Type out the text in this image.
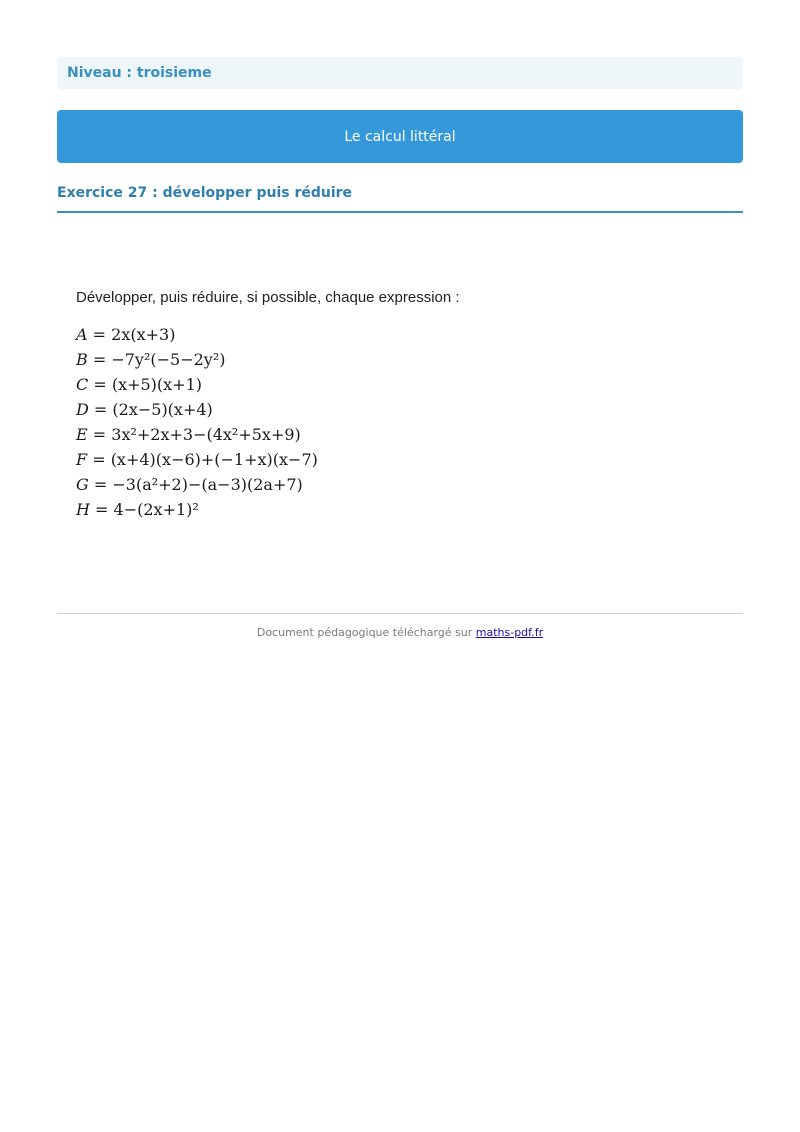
Niveau : troisieme
Le calcul littéral
Exercice 27 : développer puis réduire
Développer, puis réduire, si possible, chaque expression :
A = 2x(x+3)
B = −7y²(−5−2y²)
C = (x+5)(x+1)
D = (2x−5)(x+4)
E = 3x²+2x+3−(4x²+5x+9)
F = (x+4)(x−6)+(−1+x)(x−7)
G = −3(a²+2)−(a−3)(2a+7)
H = 4−(2x+1)²
Document pédagogique téléchargé sur maths-pdf.fr
